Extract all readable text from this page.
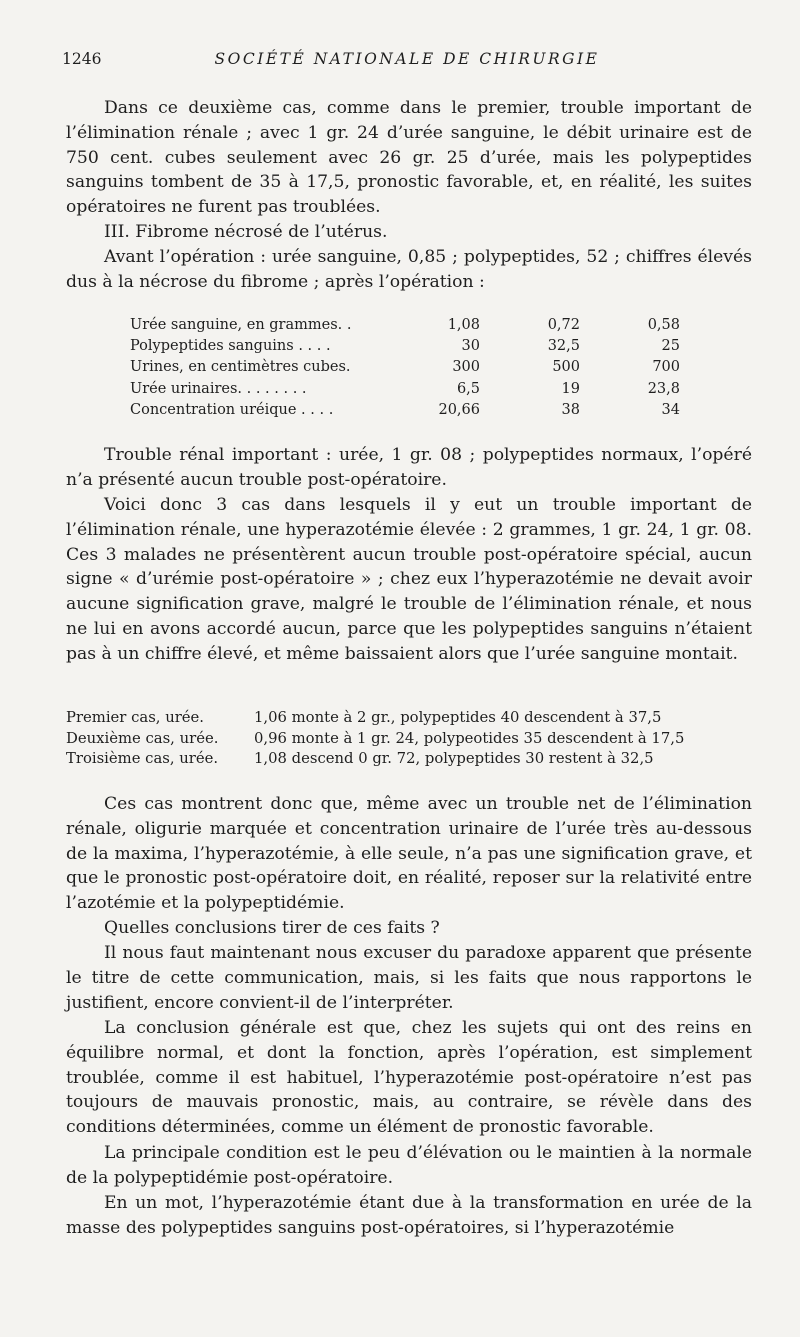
1246	SOCIÉTÉ NATIONALE DE CHIRURGIE

Dans ce deuxième cas, comme dans le premier, trouble important de l’élimination rénale ; avec 1 gr. 24 d’urée sanguine, le débit urinaire est de 750 cent. cubes seulement avec 26 gr. 25 d’urée, mais les polypeptides sanguins tombent de 35 à 17,5, pronostic favorable, et, en réalité, les suites opératoires ne furent pas troublées.

III. Fibrome nécrosé de l’utérus.

Avant l’opération : urée sanguine, 0,85 ; polypeptides, 52 ; chiffres élevés dus à la nécrose du fibrome ; après l’opération :

Urée sanguine, en grammes. .	1,08	0,72	0,58
Polypeptides sanguins . . . .	30	32,5	25
Urines, en centimètres cubes.	300	500	700
Urée urinaires. . . . . . . .	6,5	19	23,8
Concentration uréique . . . .	20,66	38	34

Trouble rénal important : urée, 1 gr. 08 ; polypeptides normaux, l’opéré n’a présenté aucun trouble post-opératoire.

Voici donc 3 cas dans lesquels il y eut un trouble important de l’élimination rénale, une hyperazotémie élevée : 2 grammes, 1 gr. 24, 1 gr. 08. Ces 3 malades ne présentèrent aucun trouble post-opératoire spécial, aucun signe « d’urémie post-opératoire » ; chez eux l’hyperazotémie ne devait avoir aucune signification grave, malgré le trouble de l’élimination rénale, et nous ne lui en avons accordé aucun, parce que les polypeptides sanguins n’étaient pas à un chiffre élevé, et même baissaient alors que l’urée sanguine montait.

Premier cas, urée.	1,06 monte à 2 gr., polypeptides 40 descendent à 37,5
Deuxième cas, urée. 0,96 monte à 1 gr. 24, polypeotides 35 descendent à 17,5
Troisième cas, urée. 1,08 descend 0 gr. 72, polypeptides 30 restent à 32,5

Ces cas montrent donc que, même avec un trouble net de l’élimination rénale, oligurie marquée et concentration urinaire de l’urée très au-dessous de la maxima, l’hyperazotémie, à elle seule, n’a pas une signification grave, et que le pronostic post-opératoire doit, en réalité, reposer sur la relativité entre l’azotémie et la polypeptidémie.

Quelles conclusions tirer de ces faits ?

Il nous faut maintenant nous excuser du paradoxe apparent que présente le titre de cette communication, mais, si les faits que nous rapportons le justifient, encore convient-il de l’interpréter.

La conclusion générale est que, chez les sujets qui ont des reins en équilibre normal, et dont la fonction, après l’opération, est simplement troublée, comme il est habituel, l’hyperazotémie post-opératoire n’est pas toujours de mauvais pronostic, mais, au contraire, se révèle dans des conditions déterminées, comme un élément de pronostic favorable.

La principale condition est le peu d’élévation ou le maintien à la normale de la polypeptidémie post-opératoire.

En un mot, l’hyperazotémie étant due à la transformation en urée de la masse des polypeptides sanguins post-opératoires, si l’hyperazotémie
